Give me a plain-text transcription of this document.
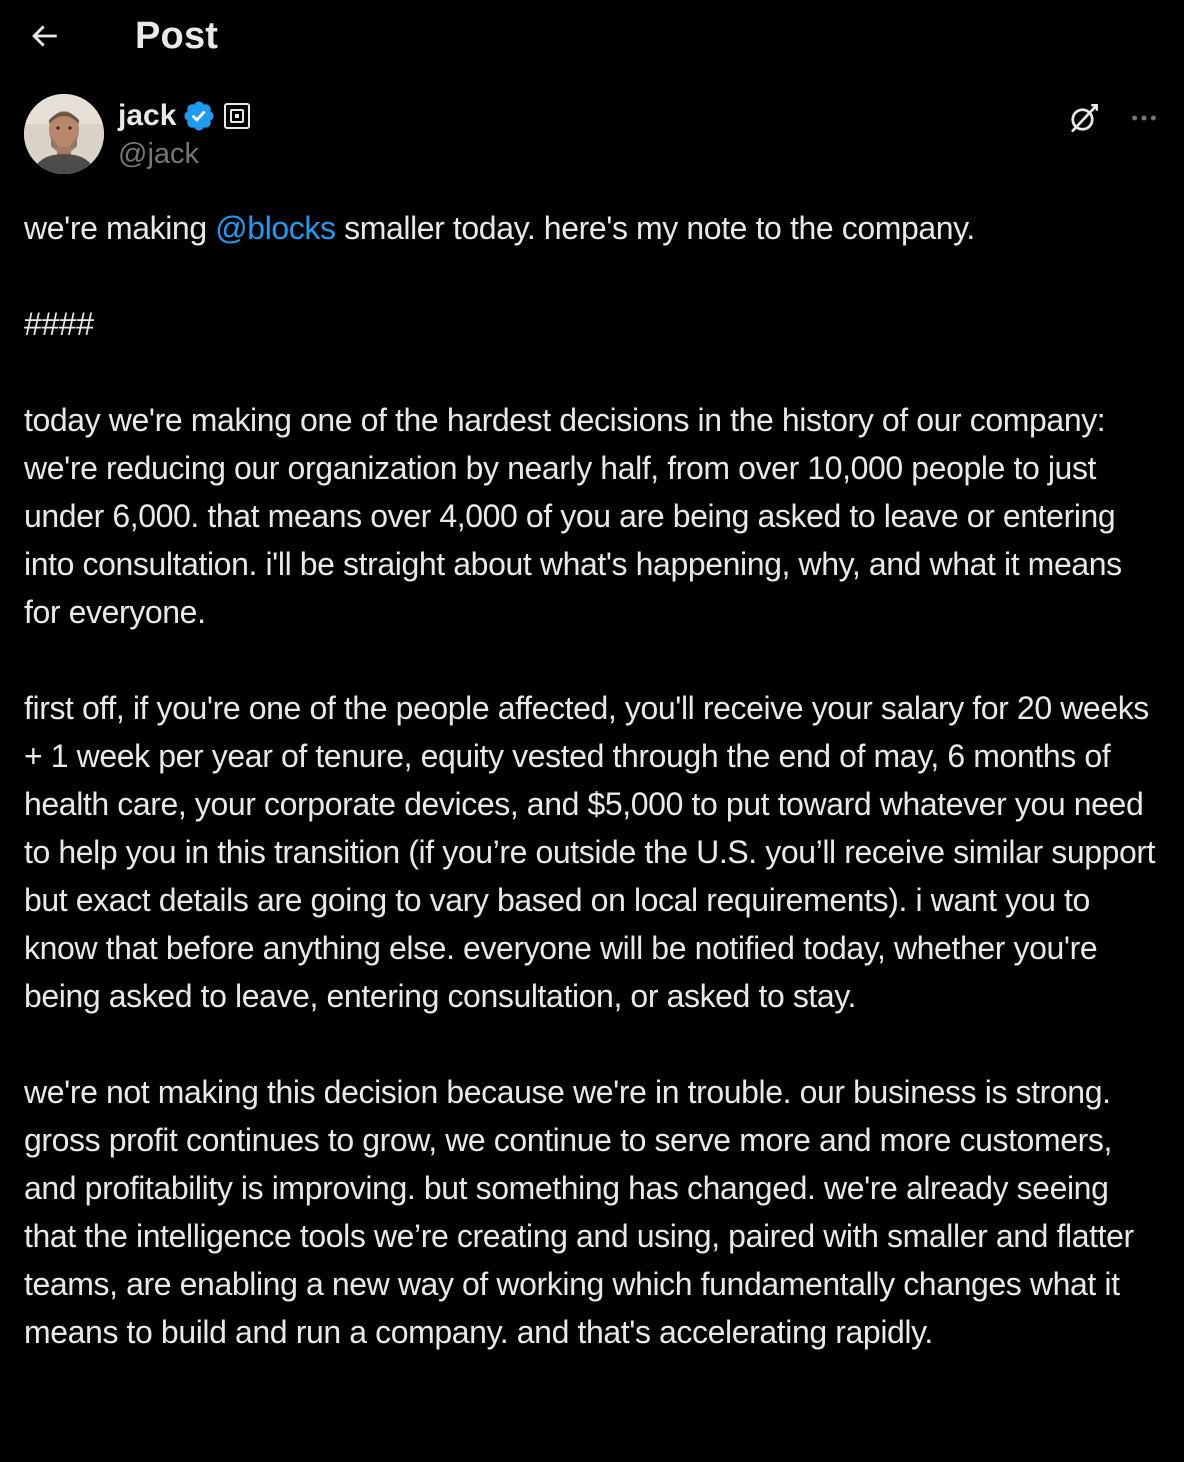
Post
jack
@jack

we're making @blocks smaller today. here's my note to the company.

####

today we're making one of the hardest decisions in the history of our company: we're reducing our organization by nearly half, from over 10,000 people to just under 6,000. that means over 4,000 of you are being asked to leave or entering into consultation. i'll be straight about what's happening, why, and what it means for everyone.

first off, if you're one of the people affected, you'll receive your salary for 20 weeks + 1 week per year of tenure, equity vested through the end of may, 6 months of health care, your corporate devices, and $5,000 to put toward whatever you need to help you in this transition (if you’re outside the U.S. you’ll receive similar support but exact details are going to vary based on local requirements). i want you to know that before anything else. everyone will be notified today, whether you're being asked to leave, entering consultation, or asked to stay.

we're not making this decision because we're in trouble. our business is strong. gross profit continues to grow, we continue to serve more and more customers, and profitability is improving. but something has changed. we're already seeing that the intelligence tools we’re creating and using, paired with smaller and flatter teams, are enabling a new way of working which fundamentally changes what it means to build and run a company. and that's accelerating rapidly.
